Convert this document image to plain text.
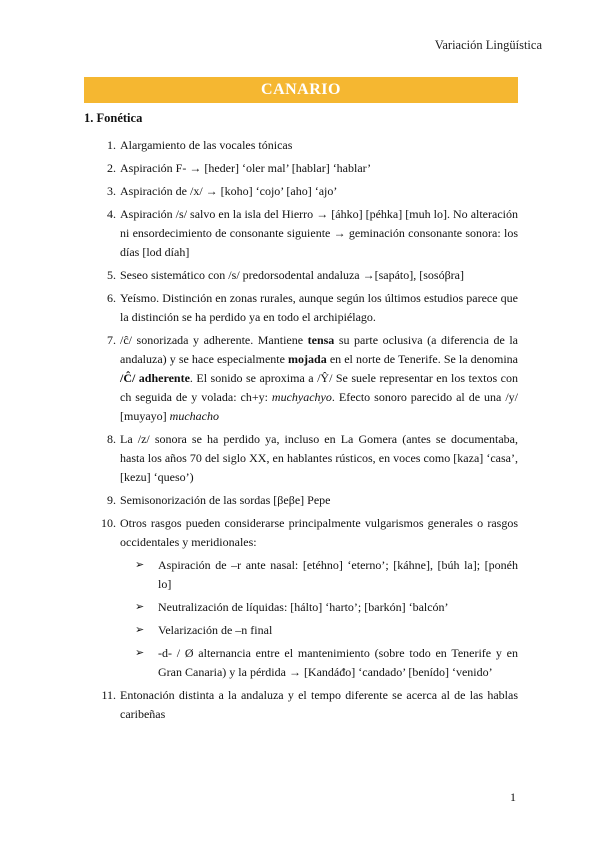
Variación Lingüística
CANARIO
1. Fonética
1. Alargamiento de las vocales tónicas
2. Aspiración F- → [heder] ‘oler mal’ [hablar] ‘hablar’
3. Aspiración de /x/ → [koho] ‘cojo’ [aho] ‘ajo’
4. Aspiración /s/ salvo en la isla del Hierro → [áhko] [péhka] [muh lo]. No alteración ni ensordecimiento de consonante siguiente → geminación consonante sonora: los días [lod díah]
5. Seseo sistemático con /s/ predorsodental andaluza →[sapáto], [sosóβra]
6. Yeísmo. Distinción en zonas rurales, aunque según los últimos estudios parece que la distinción se ha perdido ya en todo el archipiélago.
7. /ĉ/ sonorizada y adherente. Mantiene tensa su parte oclusiva (a diferencia de la andaluza) y se hace especialmente mojada en el norte de Tenerife. Se la denomina /Ĉ/ adherente. El sonido se aproxima a /Ŷ/ Se suele representar en los textos con ch seguida de y volada: ch+y: muchyachyo. Efecto sonoro parecido al de una /y/ [muyayo] muchacho
8. La /z/ sonora se ha perdido ya, incluso en La Gomera (antes se documentaba, hasta los años 70 del siglo XX, en hablantes rústicos, en voces como [kaza] ‘casa’, [kezu] ‘queso’)
9. Semisonorización de las sordas [βeβe] Pepe
10. Otros rasgos pueden considerarse principalmente vulgarismos generales o rasgos occidentales y meridionales:
➢ Aspiración de –r ante nasal: [etéhno] ‘eterno’; [káhne], [búh la]; [ponéh lo]
➢ Neutralización de líquidas: [hálto] ‘harto’; [barkón] ‘balcón’
➢ Velarización de –n final
➢ -d- / Ø alternancia entre el mantenimiento (sobre todo en Tenerife y en Gran Canaria) y la pérdida → [Kandáđo] ‘candado’ [benído] ‘venido’
11. Entonación distinta a la andaluza y el tempo diferente se acerca al de las hablas caribeñas
1
